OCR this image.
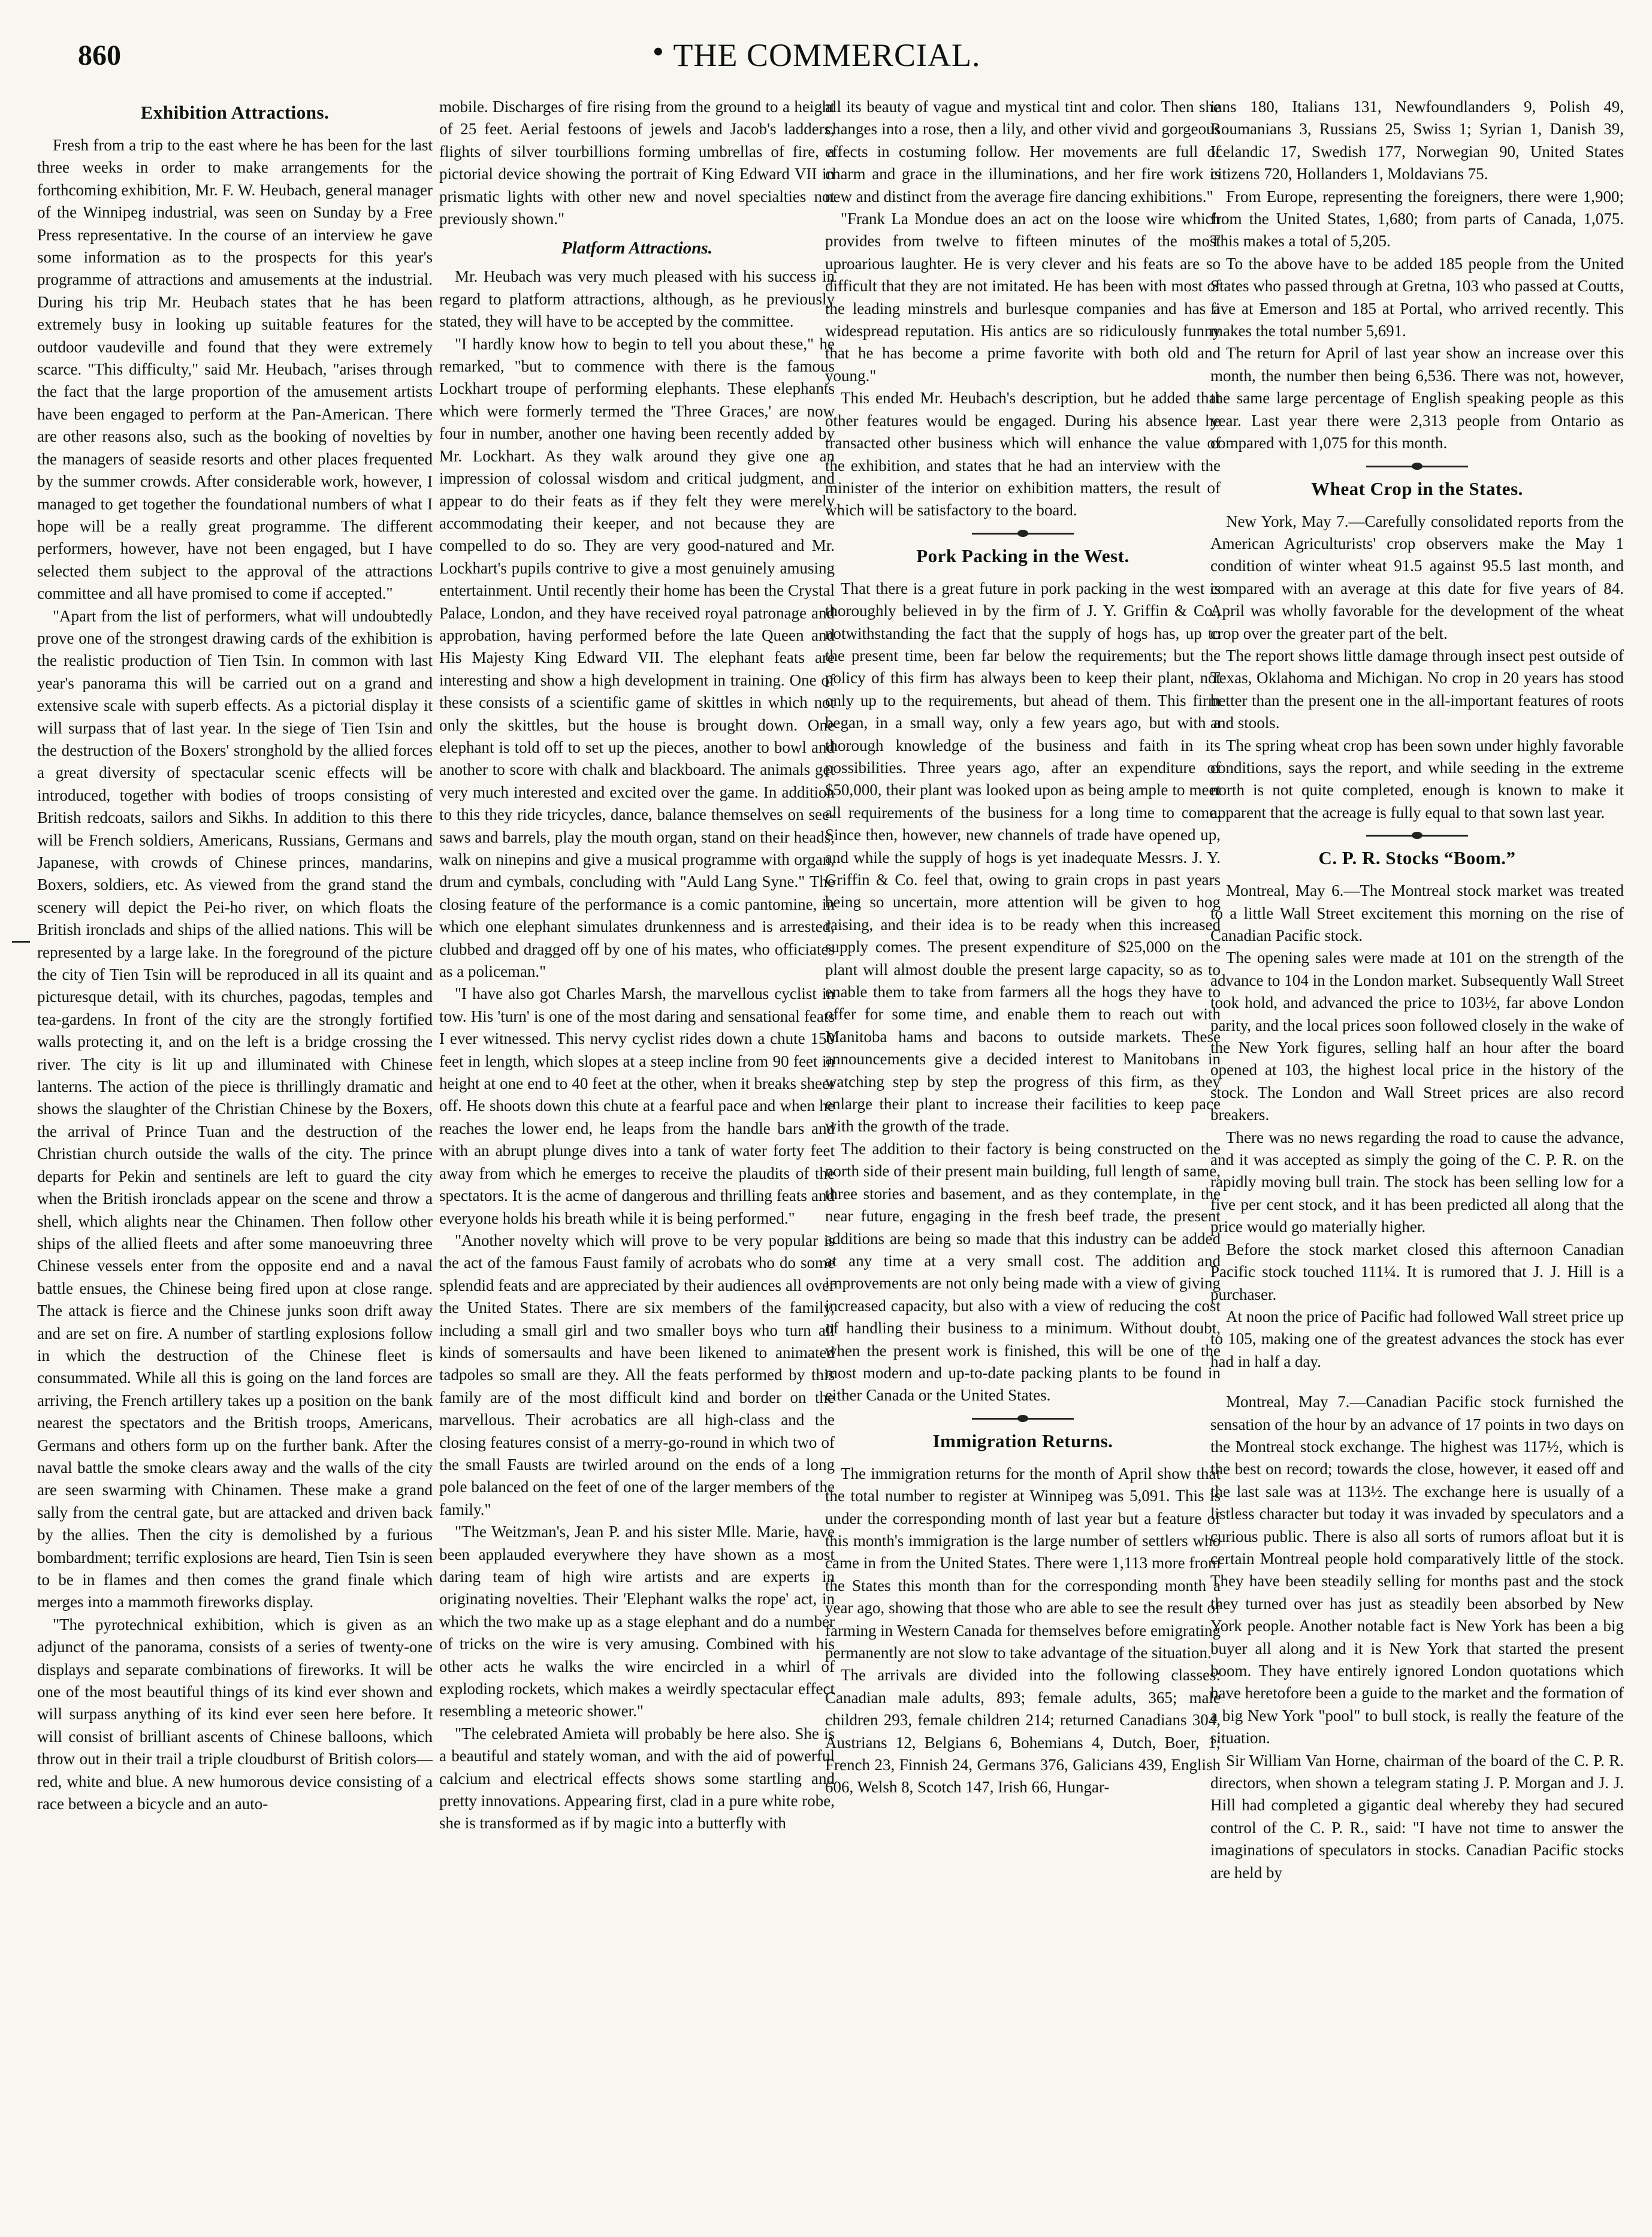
860	• THE COMMERCIAL.
Exhibition Attractions.

Fresh from a trip to the east where he has been for the last three weeks in order to make arrangements for the forthcoming exhibition, Mr. F. W. Heubach, general manager of the Winnipeg industrial, was seen on Sunday by a Free Press representative. In the course of an interview he gave some information as to the prospects for this year's programme of attractions and amusements at the industrial. During his trip Mr. Heubach states that he has been extremely busy in looking up suitable features for the outdoor vaudeville and found that they were extremely scarce. "This difficulty," said Mr. Heubach, "arises through the fact that the large proportion of the amusement artists have been engaged to perform at the Pan-American. There are other reasons also, such as the booking of novelties by the managers of seaside resorts and other places frequented by the summer crowds. After considerable work, however, I managed to get together the foundational numbers of what I hope will be a really great programme. The different performers, however, have not been engaged, but I have selected them subject to the approval of the attractions committee and all have promised to come if accepted."

"Apart from the list of performers, what will undoubtedly prove one of the strongest drawing cards of the exhibition is the realistic production of Tien Tsin. In common with last year's panorama this will be carried out on a grand and extensive scale with superb effects. As a pictorial display it will surpass that of last year. In the siege of Tien Tsin and the destruction of the Boxers' stronghold by the allied forces a great diversity of spectacular scenic effects will be introduced, together with bodies of troops consisting of British redcoats, sailors and Sikhs. In addition to this there will be French soldiers, Americans, Russians, Germans and Japanese, with crowds of Chinese princes, mandarins, Boxers, soldiers, etc. As viewed from the grand stand the scenery will depict the Pei-ho river, on which floats the British ironclads and ships of the allied nations. This will be represented by a large lake. In the foreground of the picture the city of Tien Tsin will be reproduced in all its quaint and picturesque detail, with its churches, pagodas, temples and tea-gardens. In front of the city are the strongly fortified walls protecting it, and on the left is a bridge crossing the river. The city is lit up and illuminated with Chinese lanterns. The action of the piece is thrillingly dramatic and shows the slaughter of the Christian Chinese by the Boxers, the arrival of Prince Tuan and the destruction of the Christian church outside the walls of the city. The prince departs for Pekin and sentinels are left to guard the city when the British ironclads appear on the scene and throw a shell, which alights near the Chinamen. Then follow other ships of the allied fleets and after some manoeuvring three Chinese vessels enter from the opposite end and a naval battle ensues, the Chinese being fired upon at close range. The attack is fierce and the Chinese junks soon drift away and are set on fire. A number of startling explosions follow in which the destruction of the Chinese fleet is consummated. While all this is going on the land forces are arriving, the French artillery takes up a position on the bank nearest the spectators and the British troops, Americans, Germans and others form up on the further bank. After the naval battle the smoke clears away and the walls of the city are seen swarming with Chinamen. These make a grand sally from the central gate, but are attacked and driven back by the allies. Then the city is demolished by a furious bombardment; terrific explosions are heard, Tien Tsin is seen to be in flames and then comes the grand finale which merges into a mammoth fireworks display.

"The pyrotechnical exhibition, which is given as an adjunct of the panorama, consists of a series of twenty-one displays and separate combinations of fireworks. It will be one of the most beautiful things of its kind ever shown and will surpass anything of its kind ever seen here before. It will consist of brilliant ascents of Chinese balloons, which throw out in their trail a triple cloudburst of British colors—red, white and blue. A new humorous device consisting of a race between a bicycle and an auto-

mobile. Discharges of fire rising from the ground to a height of 25 feet. Aerial festoons of jewels and Jacob's ladders, flights of silver tourbillions forming umbrellas of fire, a pictorial device showing the portrait of King Edward VII in prismatic lights with other new and novel specialties not previously shown."

Platform Attractions.

Mr. Heubach was very much pleased with his success in regard to platform attractions, although, as he previously stated, they will have to be accepted by the committee.

"I hardly know how to begin to tell you about these," he remarked, "but to commence with there is the famous Lockhart troupe of performing elephants. These elephants which were formerly termed the 'Three Graces,' are now four in number, another one having been recently added by Mr. Lockhart. As they walk around they give one an impression of colossal wisdom and critical judgment, and appear to do their feats as if they felt they were merely accommodating their keeper, and not because they are compelled to do so. They are very good-natured and Mr. Lockhart's pupils contrive to give a most genuinely amusing entertainment. Until recently their home has been the Crystal Palace, London, and they have received royal patronage and approbation, having performed before the late Queen and His Majesty King Edward VII. The elephant feats are interesting and show a high development in training. One of these consists of a scientific game of skittles in which not only the skittles, but the house is brought down. One elephant is told off to set up the pieces, another to bowl and another to score with chalk and blackboard. The animals get very much interested and excited over the game. In addition to this they ride tricycles, dance, balance themselves on see-saws and barrels, play the mouth organ, stand on their heads, walk on ninepins and give a musical programme with organ, drum and cymbals, concluding with "Auld Lang Syne." The closing feature of the performance is a comic pantomine, in which one elephant simulates drunkenness and is arrested, clubbed and dragged off by one of his mates, who officiates as a policeman."

"I have also got Charles Marsh, the marvellous cyclist in tow. His 'turn' is one of the most daring and sensational feats I ever witnessed. This nervy cyclist rides down a chute 150 feet in length, which slopes at a steep incline from 90 feet in height at one end to 40 feet at the other, when it breaks sheer off. He shoots down this chute at a fearful pace and when he reaches the lower end, he leaps from the handle bars and with an abrupt plunge dives into a tank of water forty feet away from which he emerges to receive the plaudits of the spectators. It is the acme of dangerous and thrilling feats and everyone holds his breath while it is being performed."

"Another novelty which will prove to be very popular is the act of the famous Faust family of acrobats who do some splendid feats and are appreciated by their audiences all over the United States. There are six members of the family, including a small girl and two smaller boys who turn all kinds of somersaults and have been likened to animated tadpoles so small are they. All the feats performed by this family are of the most difficult kind and border on the marvellous. Their acrobatics are all high-class and the closing features consist of a merry-go-round in which two of the small Fausts are twirled around on the ends of a long pole balanced on the feet of one of the larger members of the family."

"The Weitzman's, Jean P. and his sister Mlle. Marie, have been applauded everywhere they have shown as a most daring team of high wire artists and are experts in originating novelties. Their 'Elephant walks the rope' act, in which the two make up as a stage elephant and do a number of tricks on the wire is very amusing. Combined with his other acts he walks the wire encircled in a whirl of exploding rockets, which makes a weirdly spectacular effect resembling a meteoric shower."

"The celebrated Amieta will probably be here also. She is a beautiful and stately woman, and with the aid of powerful calcium and electrical effects shows some startling and pretty innovations. Appearing first, clad in a pure white robe, she is transformed as if by magic into a butterfly with

all its beauty of vague and mystical tint and color. Then she changes into a rose, then a lily, and other vivid and gorgeous effects in costuming follow. Her movements are full of charm and grace in the illuminations, and her fire work is new and distinct from the average fire dancing exhibitions."

"Frank La Mondue does an act on the loose wire which provides from twelve to fifteen minutes of the most uproarious laughter. He is very clever and his feats are so difficult that they are not imitated. He has been with most of the leading minstrels and burlesque companies and has a widespread reputation. His antics are so ridiculously funny that he has become a prime favorite with both old and young."

This ended Mr. Heubach's description, but he added that other features would be engaged. During his absence he transacted other business which will enhance the value of the exhibition, and states that he had an interview with the minister of the interior on exhibition matters, the result of which will be satisfactory to the board.

Pork Packing in the West.

That there is a great future in pork packing in the west is thoroughly believed in by the firm of J. Y. Griffin & Co., notwithstanding the fact that the supply of hogs has, up to the present time, been far below the requirements; but the policy of this firm has always been to keep their plant, not only up to the requirements, but ahead of them. This firm began, in a small way, only a few years ago, but with a thorough knowledge of the business and faith in its possibilities. Three years ago, after an expenditure of $50,000, their plant was looked upon as being ample to meet all requirements of the business for a long time to come. Since then, however, new channels of trade have opened up, and while the supply of hogs is yet inadequate Messrs. J. Y. Griffin & Co. feel that, owing to grain crops in past years being so uncertain, more attention will be given to hog raising, and their idea is to be ready when this increased supply comes. The present expenditure of $25,000 on the plant will almost double the present large capacity, so as to enable them to take from farmers all the hogs they have to offer for some time, and enable them to reach out with Manitoba hams and bacons to outside markets. These announcements give a decided interest to Manitobans in watching step by step the progress of this firm, as they enlarge their plant to increase their facilities to keep pace with the growth of the trade.

The addition to their factory is being constructed on the north side of their present main building, full length of same, three stories and basement, and as they contemplate, in the near future, engaging in the fresh beef trade, the present additions are being so made that this industry can be added at any time at a very small cost. The addition and improvements are not only being made with a view of giving increased capacity, but also with a view of reducing the cost of handling their business to a minimum. Without doubt, when the present work is finished, this will be one of the most modern and up-to-date packing plants to be found in either Canada or the United States.

Immigration Returns.

The immigration returns for the month of April show that the total number to register at Winnipeg was 5,091. This is under the corresponding month of last year but a feature of this month's immigration is the large number of settlers who came in from the United States. There were 1,113 more from the States this month than for the corresponding month a year ago, showing that those who are able to see the result of farming in Western Canada for themselves before emigrating permanently are not slow to take advantage of the situation.

The arrivals are divided into the following classes: Canadian male adults, 893; female adults, 365; male children 293, female children 214; returned Canadians 304, Austrians 12, Belgians 6, Bohemians 4, Dutch, Boer, 1; French 23, Finnish 24, Germans 376, Galicians 439, English 606, Welsh 8, Scotch 147, Irish 66, Hungar-

ians 180, Italians 131, Newfoundlanders 9, Polish 49, Roumanians 3, Russians 25, Swiss 1; Syrian 1, Danish 39, Icelandic 17, Swedish 177, Norwegian 90, United States citizens 720, Hollanders 1, Moldavians 75.

From Europe, representing the foreigners, there were 1,900; from the United States, 1,680; from parts of Canada, 1,075. This makes a total of 5,205.

To the above have to be added 185 people from the United States who passed through at Gretna, 103 who passed at Coutts, five at Emerson and 185 at Portal, who arrived recently. This makes the total number 5,691.

The return for April of last year show an increase over this month, the number then being 6,536. There was not, however, the same large percentage of English speaking people as this year. Last year there were 2,313 people from Ontario as compared with 1,075 for this month.

Wheat Crop in the States.

New York, May 7.—Carefully consolidated reports from the American Agriculturists' crop observers make the May 1 condition of winter wheat 91.5 against 95.5 last month, and compared with an average at this date for five years of 84. April was wholly favorable for the development of the wheat crop over the greater part of the belt.

The report shows little damage through insect pest outside of Texas, Oklahoma and Michigan. No crop in 20 years has stood better than the present one in the all-important features of roots and stools.

The spring wheat crop has been sown under highly favorable conditions, says the report, and while seeding in the extreme north is not quite completed, enough is known to make it apparent that the acreage is fully equal to that sown last year.

C. P. R. Stocks “Boom.”

Montreal, May 6.—The Montreal stock market was treated to a little Wall Street excitement this morning on the rise of Canadian Pacific stock.

The opening sales were made at 101 on the strength of the advance to 104 in the London market. Subsequently Wall Street took hold, and advanced the price to 103½, far above London parity, and the local prices soon followed closely in the wake of the New York figures, selling half an hour after the board opened at 103, the highest local price in the history of the stock. The London and Wall Street prices are also record breakers.

There was no news regarding the road to cause the advance, and it was accepted as simply the going of the C. P. R. on the rapidly moving bull train. The stock has been selling low for a five per cent stock, and it has been predicted all along that the price would go materially higher.

Before the stock market closed this afternoon Canadian Pacific stock touched 111¼. It is rumored that J. J. Hill is a purchaser.

At noon the price of Pacific had followed Wall street price up to 105, making one of the greatest advances the stock has ever had in half a day.

Montreal, May 7.—Canadian Pacific stock furnished the sensation of the hour by an advance of 17 points in two days on the Montreal stock exchange. The highest was 117½, which is the best on record; towards the close, however, it eased off and the last sale was at 113½. The exchange here is usually of a listless character but today it was invaded by speculators and a curious public. There is also all sorts of rumors afloat but it is certain Montreal people hold comparatively little of the stock. They have been steadily selling for months past and the stock they turned over has just as steadily been absorbed by New York people. Another notable fact is New York has been a big buyer all along and it is New York that started the present boom. They have entirely ignored London quotations which have heretofore been a guide to the market and the formation of a big New York "pool" to bull stock, is really the feature of the situation.

Sir William Van Horne, chairman of the board of the C. P. R. directors, when shown a telegram stating J. P. Morgan and J. J. Hill had completed a gigantic deal whereby they had secured control of the C. P. R., said: "I have not time to answer the imaginations of speculators in stocks. Canadian Pacific stocks are held by
